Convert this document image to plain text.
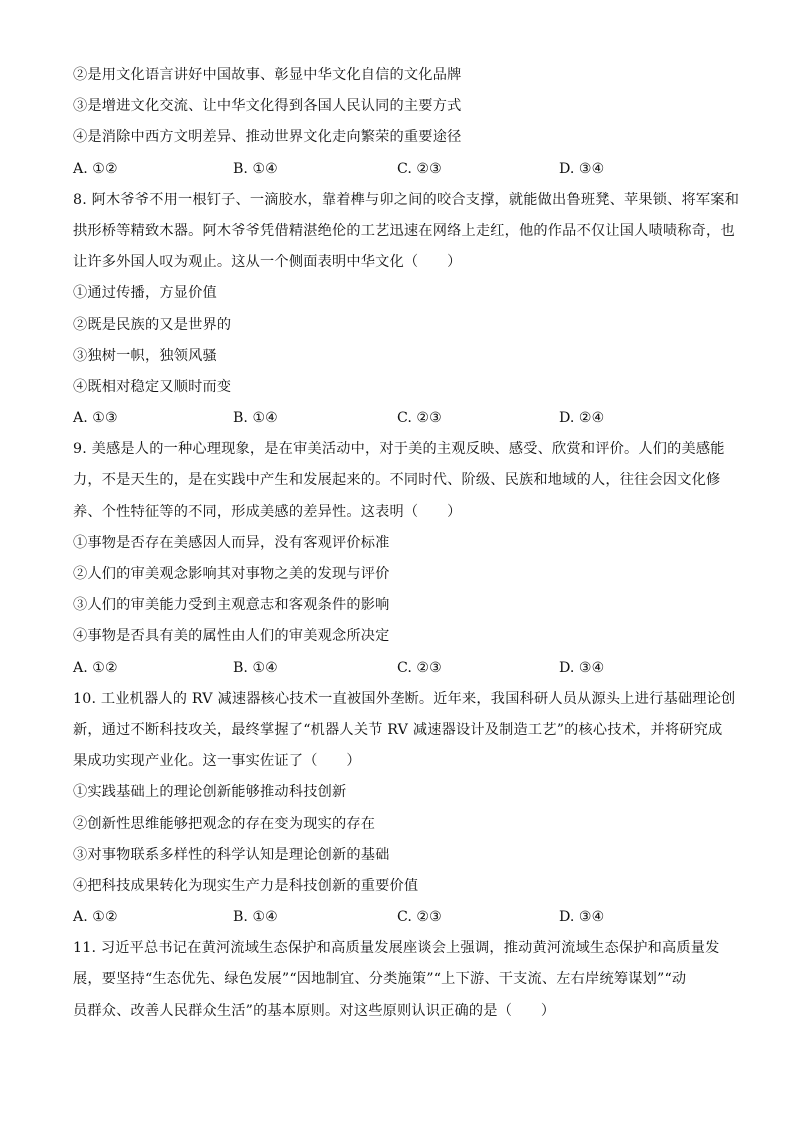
②是用文化语言讲好中国故事、彰显中华文化自信的文化品牌
③是增进文化交流、让中华文化得到各国人民认同的主要方式
④是消除中西方文明差异、推动世界文化走向繁荣的重要途径
A. ①②	B. ①④	C. ②③	D. ③④
8. 阿木爷爷不用一根钉子、一滴胶水，靠着榫与卯之间的咬合支撑，就能做出鲁班凳、苹果锁、将军案和
拱形桥等精致木器。阿木爷爷凭借精湛绝伦的工艺迅速在网络上走红，他的作品不仅让国人啧啧称奇，也
让许多外国人叹为观止。这从一个侧面表明中华文化（　　）
①通过传播，方显价值
②既是民族的又是世界的
③独树一帜，独领风骚
④既相对稳定又顺时而变
A. ①③	B. ①④	C. ②③	D. ②④
9. 美感是人的一种心理现象，是在审美活动中，对于美的主观反映、感受、欣赏和评价。人们的美感能
力，不是天生的，是在实践中产生和发展起来的。不同时代、阶级、民族和地域的人，往往会因文化修
养、个性特征等的不同，形成美感的差异性。这表明（　　）
①事物是否存在美感因人而异，没有客观评价标准
②人们的审美观念影响其对事物之美的发现与评价
③人们的审美能力受到主观意志和客观条件的影响
④事物是否具有美的属性由人们的审美观念所决定
A. ①②	B. ①④	C. ②③	D. ③④
10. 工业机器人的 RV 减速器核心技术一直被国外垄断。近年来，我国科研人员从源头上进行基础理论创
新，通过不断科技攻关，最终掌握了“机器人关节 RV 减速器设计及制造工艺”的核心技术，并将研究成
果成功实现产业化。这一事实佐证了（　　）
①实践基础上的理论创新能够推动科技创新
②创新性思维能够把观念的存在变为现实的存在
③对事物联系多样性的科学认知是理论创新的基础
④把科技成果转化为现实生产力是科技创新的重要价值
A. ①②	B. ①④	C. ②③	D. ③④
11. 习近平总书记在黄河流域生态保护和高质量发展座谈会上强调，推动黄河流域生态保护和高质量发
展，要坚持“生态优先、绿色发展”“因地制宜、分类施策”“上下游、干支流、左右岸统筹谋划”“动
员群众、改善人民群众生活”的基本原则。对这些原则认识正确的是（　　）
